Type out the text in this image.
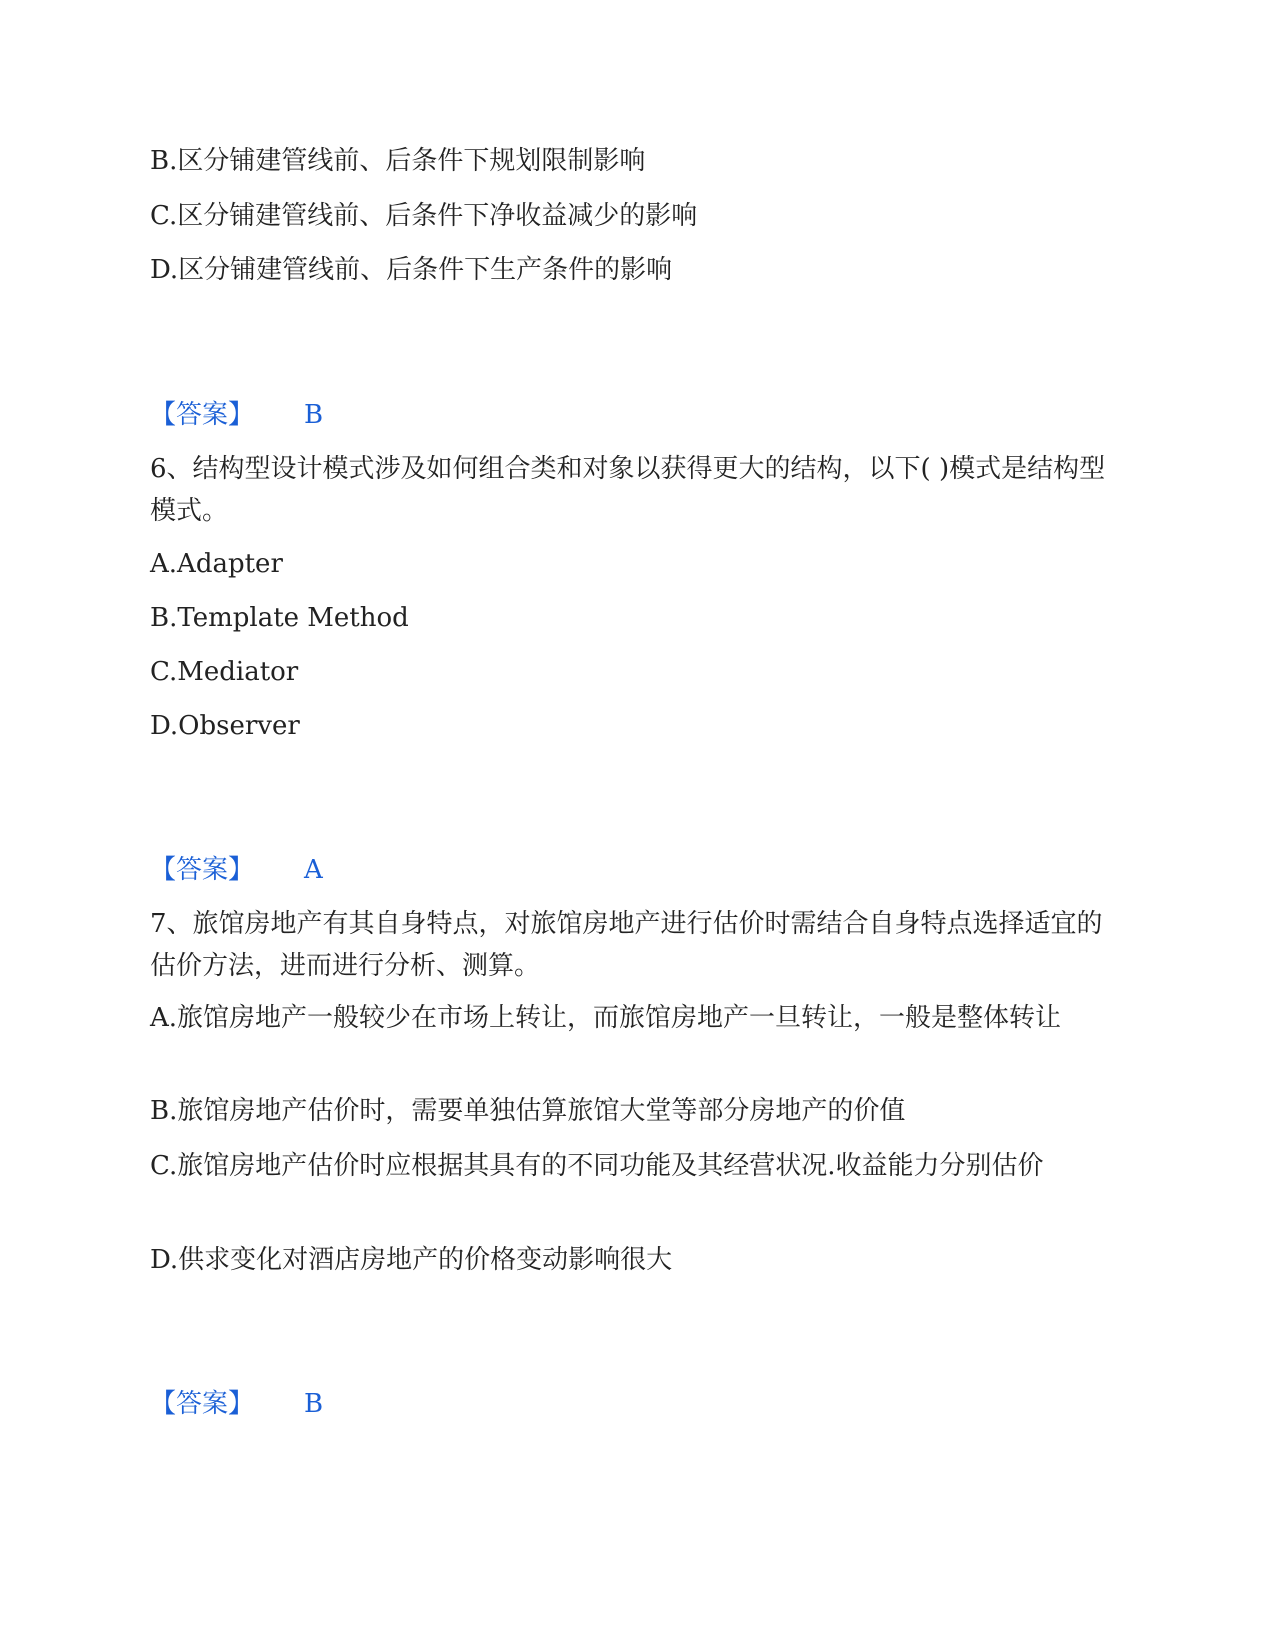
B.区分铺建管线前、后条件下规划限制影响

C.区分铺建管线前、后条件下净收益减少的影响

D.区分铺建管线前、后条件下生产条件的影响

【答案】 B

6、结构型设计模式涉及如何组合类和对象以获得更大的结构，以下( )模式是结构型模式。

A.Adapter

B.Template Method

C.Mediator

D.Observer

【答案】 A

7、旅馆房地产有其自身特点，对旅馆房地产进行估价时需结合自身特点选择适宜的估价方法，进而进行分析、测算。

A.旅馆房地产一般较少在市场上转让，而旅馆房地产一旦转让，一般是整体转让

B.旅馆房地产估价时，需要单独估算旅馆大堂等部分房地产的价值

C.旅馆房地产估价时应根据其具有的不同功能及其经营状况.收益能力分别估价

D.供求变化对酒店房地产的价格变动影响很大

【答案】 B
